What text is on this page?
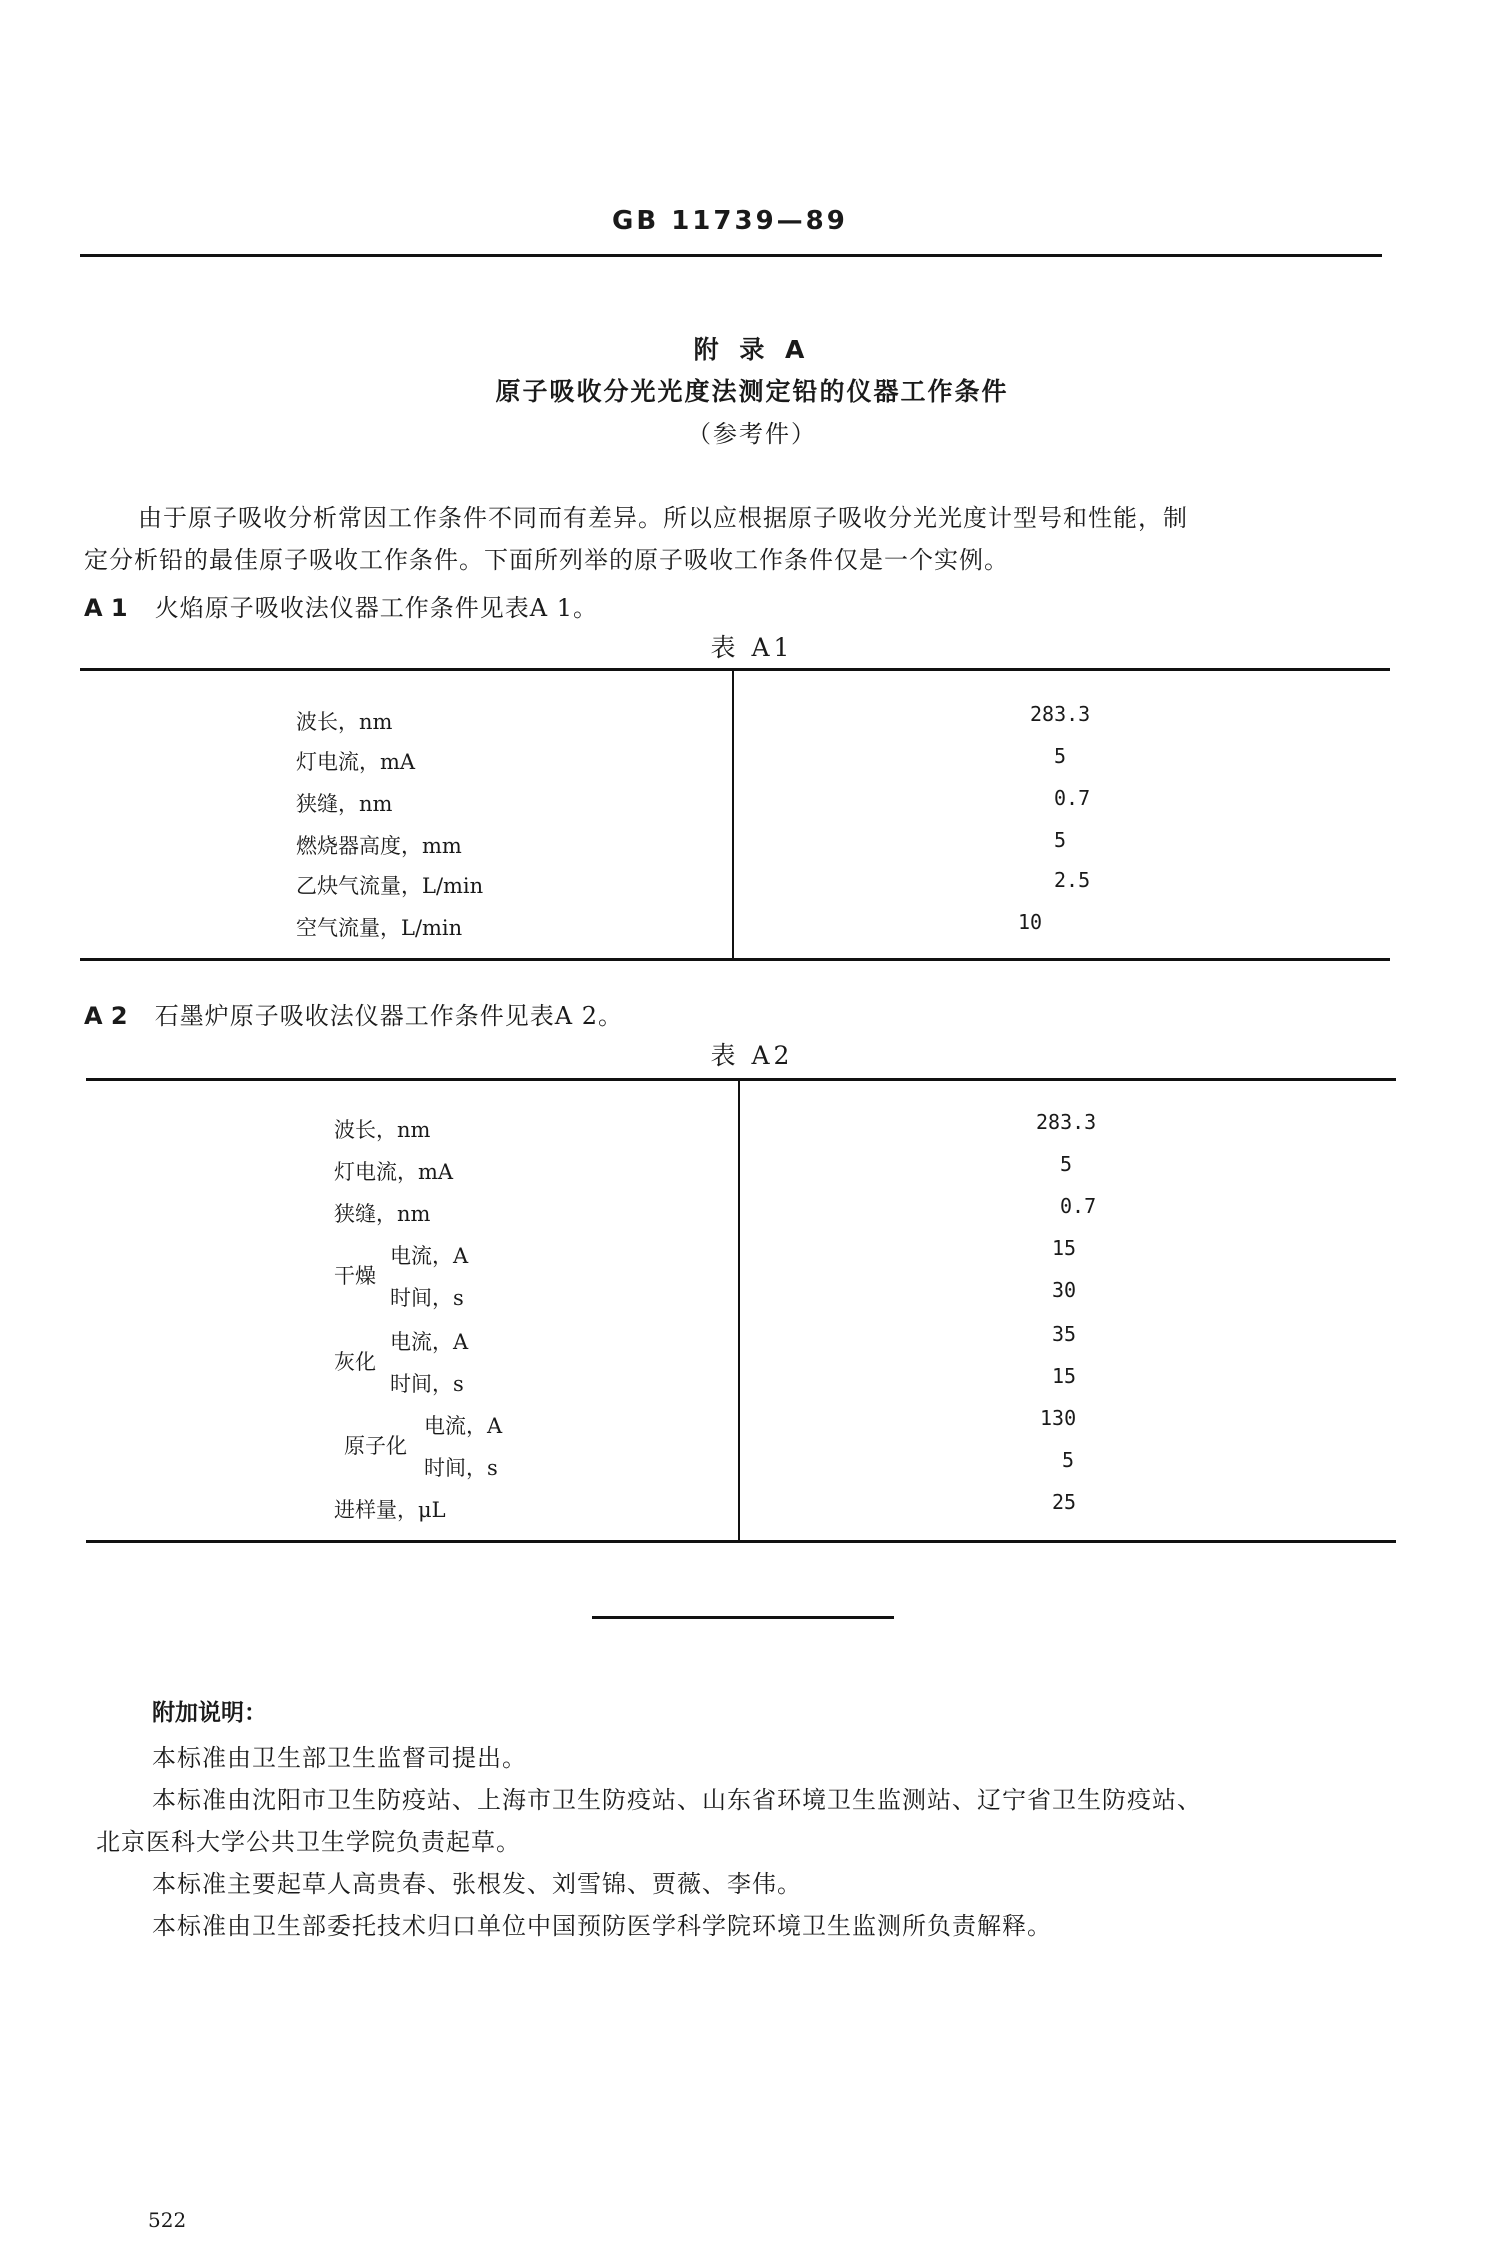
GB 11739—89
附 录 A
原子吸收分光光度法测定铅的仪器工作条件
（参考件）
由于原子吸收分析常因工作条件不同而有差异。所以应根据原子吸收分光光度计型号和性能，制
定分析铅的最佳原子吸收工作条件。下面所列举的原子吸收工作条件仅是一个实例。
A 1 火焰原子吸收法仪器工作条件见表A 1。
表 A1
波长，nm	283.3
灯电流，mA	5
狭缝，nm	0.7
燃烧器高度，mm	5
乙炔气流量，L/min	2.5
空气流量，L/min	10
A 2 石墨炉原子吸收法仪器工作条件见表A 2。
表 A2
波长，nm	283.3
灯电流，mA	5
狭缝，nm	0.7
干燥
电流，A	15
时间，s	30
灰化
电流，A	35
时间，s	15
原子化
电流，A	130
时间，s	5
进样量，μL	25
附加说明：
本标准由卫生部卫生监督司提出。
本标准由沈阳市卫生防疫站、上海市卫生防疫站、山东省环境卫生监测站、辽宁省卫生防疫站、
北京医科大学公共卫生学院负责起草。
本标准主要起草人高贵春、张根发、刘雪锦、贾薇、李伟。
本标准由卫生部委托技术归口单位中国预防医学科学院环境卫生监测所负责解释。
522
